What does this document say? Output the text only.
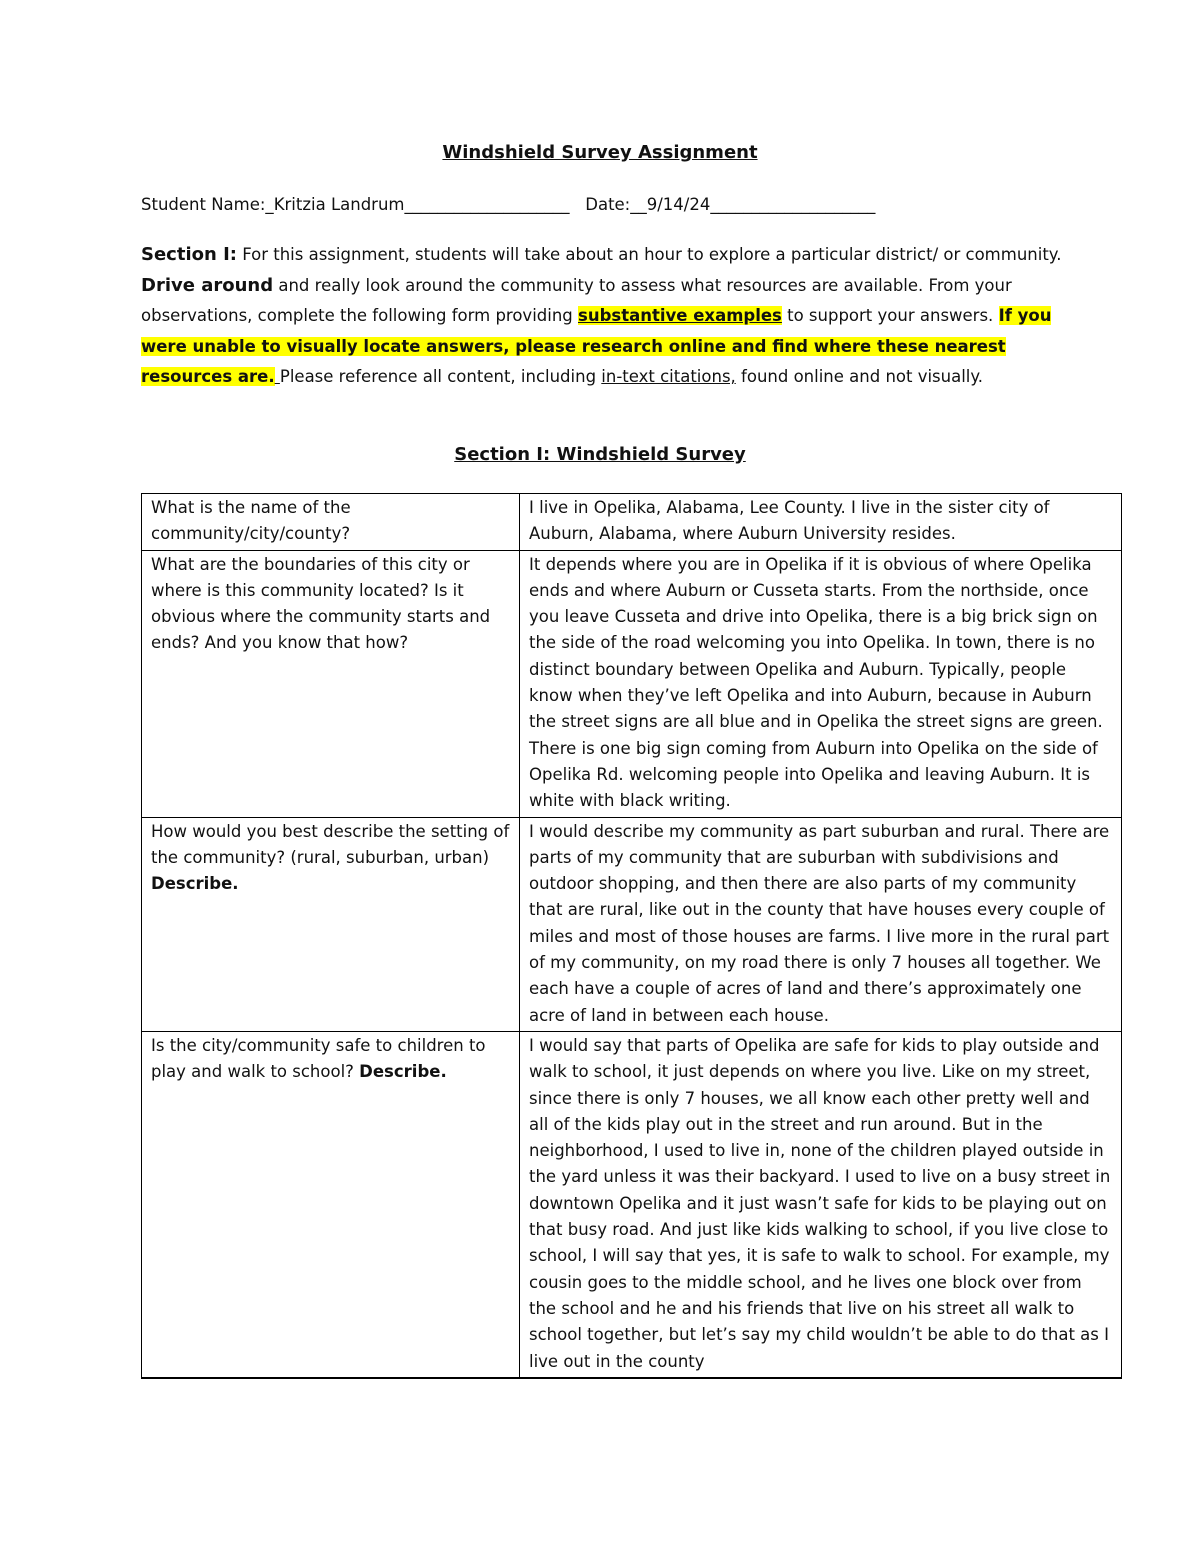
Windshield Survey Assignment
Student Name:_Kritzia Landrum____________________ Date:__9/14/24____________________
Section I: For this assignment, students will take about an hour to explore a particular district/ or community. Drive around and really look around the community to assess what resources are available. From your observations, complete the following form providing substantive examples to support your answers. If you were unable to visually locate answers, please research online and find where these nearest resources are. Please reference all content, including in-text citations, found online and not visually.
Section I: Windshield Survey
What is the name of the community/city/county?	I live in Opelika, Alabama, Lee County. I live in the sister city of Auburn, Alabama, where Auburn University resides.
What are the boundaries of this city or where is this community located? Is it obvious where the community starts and ends? And you know that how?	It depends where you are in Opelika if it is obvious of where Opelika ends and where Auburn or Cusseta starts. From the northside, once you leave Cusseta and drive into Opelika, there is a big brick sign on the side of the road welcoming you into Opelika. In town, there is no distinct boundary between Opelika and Auburn. Typically, people know when they’ve left Opelika and into Auburn, because in Auburn the street signs are all blue and in Opelika the street signs are green. There is one big sign coming from Auburn into Opelika on the side of Opelika Rd. welcoming people into Opelika and leaving Auburn. It is white with black writing.
How would you best describe the setting of the community? (rural, suburban, urban) Describe.	I would describe my community as part suburban and rural. There are parts of my community that are suburban with subdivisions and outdoor shopping, and then there are also parts of my community that are rural, like out in the county that have houses every couple of miles and most of those houses are farms. I live more in the rural part of my community, on my road there is only 7 houses all together. We each have a couple of acres of land and there’s approximately one acre of land in between each house.
Is the city/community safe to children to play and walk to school? Describe.	I would say that parts of Opelika are safe for kids to play outside and walk to school, it just depends on where you live. Like on my street, since there is only 7 houses, we all know each other pretty well and all of the kids play out in the street and run around. But in the neighborhood, I used to live in, none of the children played outside in the yard unless it was their backyard. I used to live on a busy street in downtown Opelika and it just wasn’t safe for kids to be playing out on that busy road. And just like kids walking to school, if you live close to school, I will say that yes, it is safe to walk to school. For example, my cousin goes to the middle school, and he lives one block over from the school and he and his friends that live on his street all walk to school together, but let’s say my child wouldn’t be able to do that as I live out in the county
